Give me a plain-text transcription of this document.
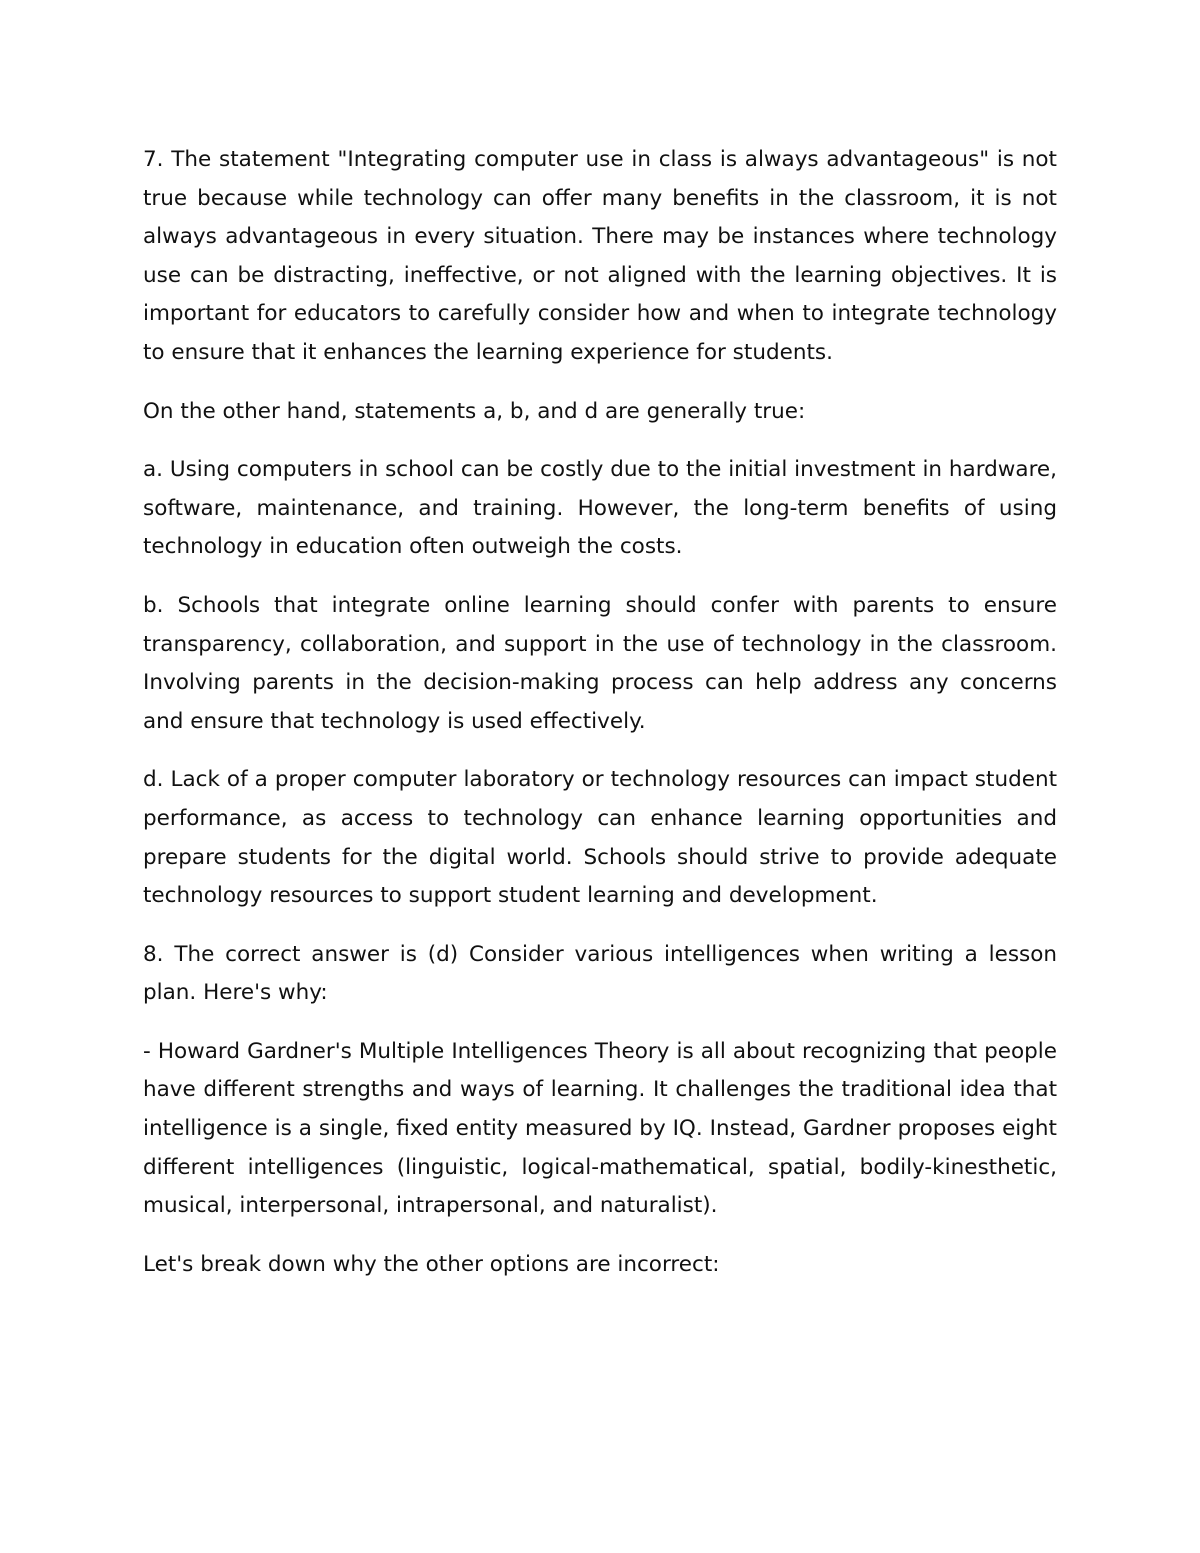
7. The statement "Integrating computer use in class is always advantageous" is not true because while technology can offer many benefits in the classroom, it is not always advantageous in every situation. There may be instances where technology use can be distracting, ineffective, or not aligned with the learning objectives. It is important for educators to carefully consider how and when to integrate technology to ensure that it enhances the learning experience for students.

On the other hand, statements a, b, and d are generally true:

a. Using computers in school can be costly due to the initial investment in hardware, software, maintenance, and training. However, the long-term benefits of using technology in education often outweigh the costs.

b. Schools that integrate online learning should confer with parents to ensure transparency, collaboration, and support in the use of technology in the classroom. Involving parents in the decision-making process can help address any concerns and ensure that technology is used effectively.

d. Lack of a proper computer laboratory or technology resources can impact student performance, as access to technology can enhance learning opportunities and prepare students for the digital world. Schools should strive to provide adequate technology resources to support student learning and development.

8. The correct answer is (d) Consider various intelligences when writing a lesson plan. Here's why:

- Howard Gardner's Multiple Intelligences Theory is all about recognizing that people have different strengths and ways of learning. It challenges the traditional idea that intelligence is a single, fixed entity measured by IQ. Instead, Gardner proposes eight different intelligences (linguistic, logical-mathematical, spatial, bodily-kinesthetic, musical, interpersonal, intrapersonal, and naturalist).

Let's break down why the other options are incorrect:
